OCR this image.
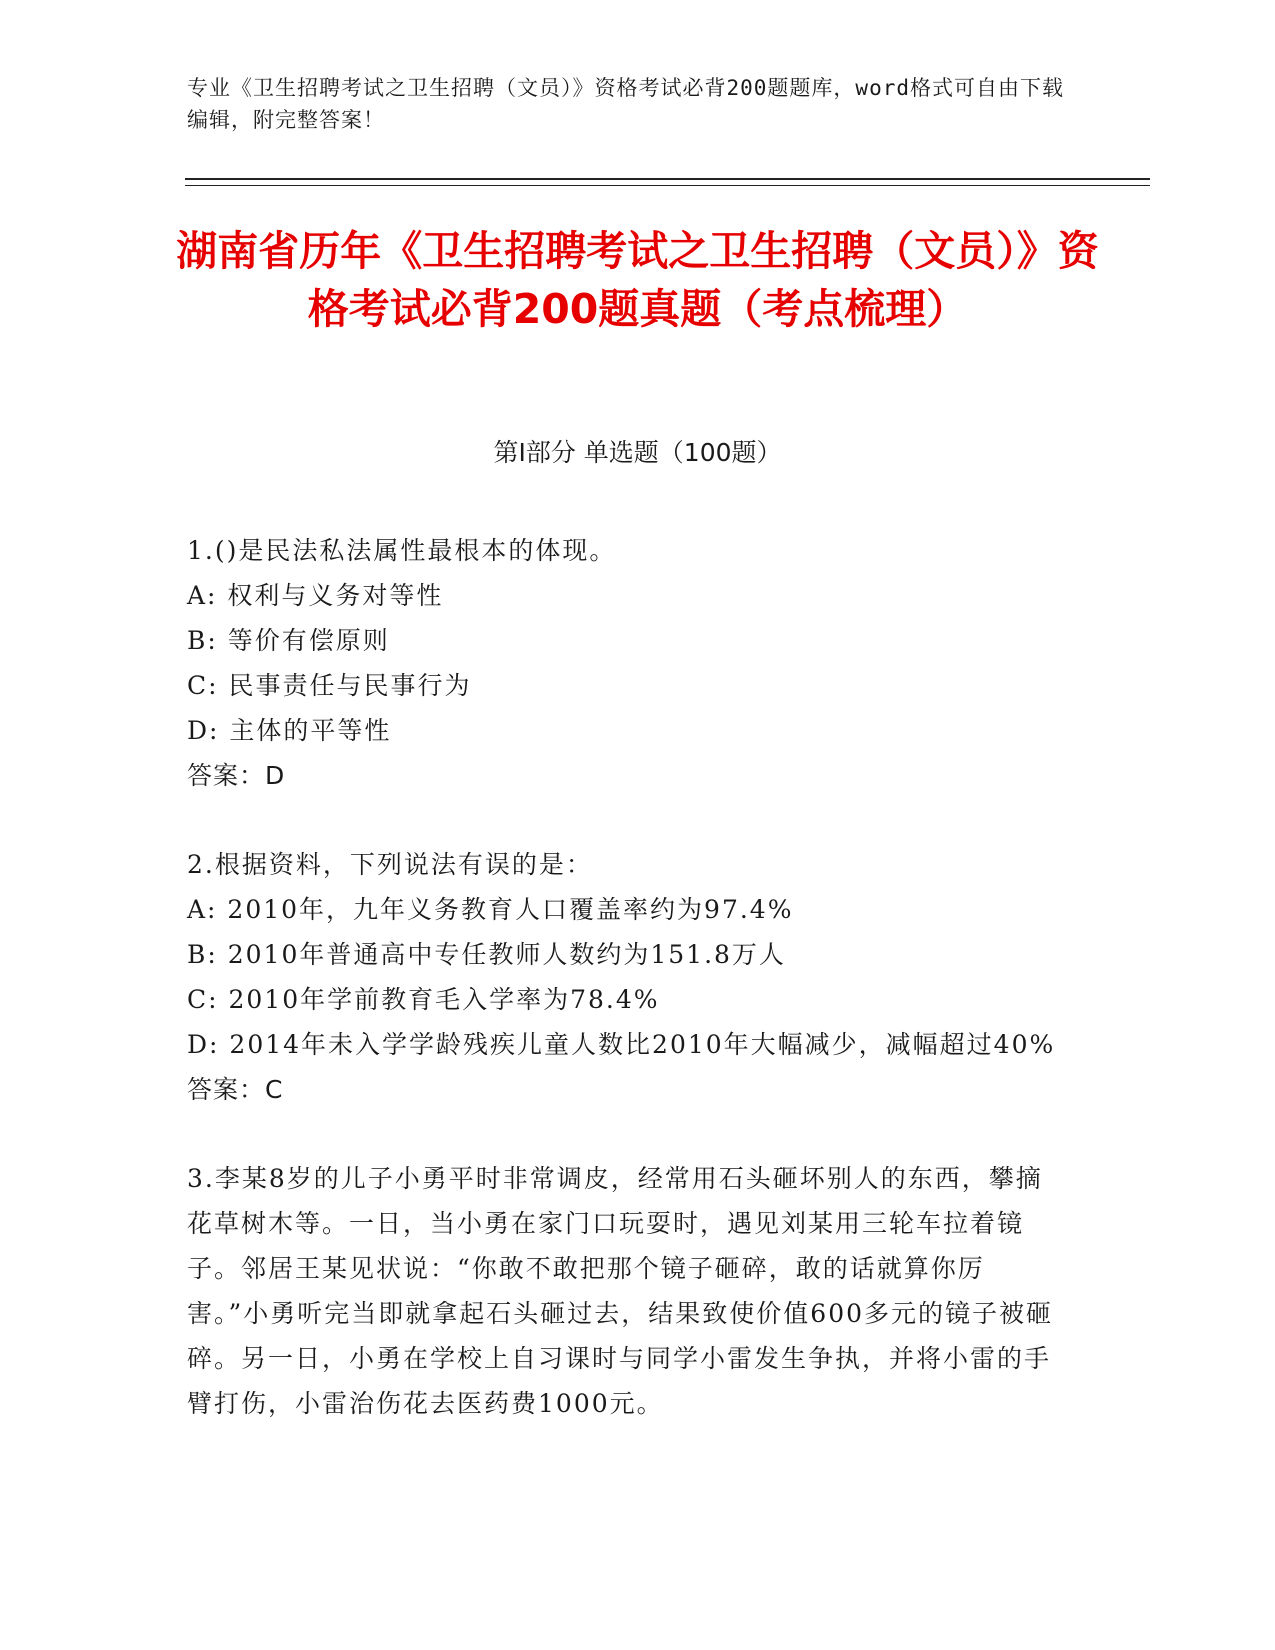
专业《卫生招聘考试之卫生招聘（文员）》资格考试必背200题题库，word格式可自由下载编辑，附完整答案！
湖南省历年《卫生招聘考试之卫生招聘（文员）》资格考试必背200题真题（考点梳理）
第I部分 单选题（100题）
1.()是民法私法属性最根本的体现。
A: 权利与义务对等性
B: 等价有偿原则
C: 民事责任与民事行为
D: 主体的平等性
答案：D
2.根据资料，下列说法有误的是：
A: 2010年，九年义务教育人口覆盖率约为97.4%
B: 2010年普通高中专任教师人数约为151.8万人
C: 2010年学前教育毛入学率为78.4%
D: 2014年未入学学龄残疾儿童人数比2010年大幅减少，减幅超过40%
答案：C
3.李某8岁的儿子小勇平时非常调皮，经常用石头砸坏别人的东西，攀摘花草树木等。一日，当小勇在家门口玩耍时，遇见刘某用三轮车拉着镜子。邻居王某见状说：“你敢不敢把那个镜子砸碎，敢的话就算你厉害。”小勇听完当即就拿起石头砸过去，结果致使价值600多元的镜子被砸碎。另一日，小勇在学校上自习课时与同学小雷发生争执，并将小雷的手臂打伤，小雷治伤花去医药费1000元。
